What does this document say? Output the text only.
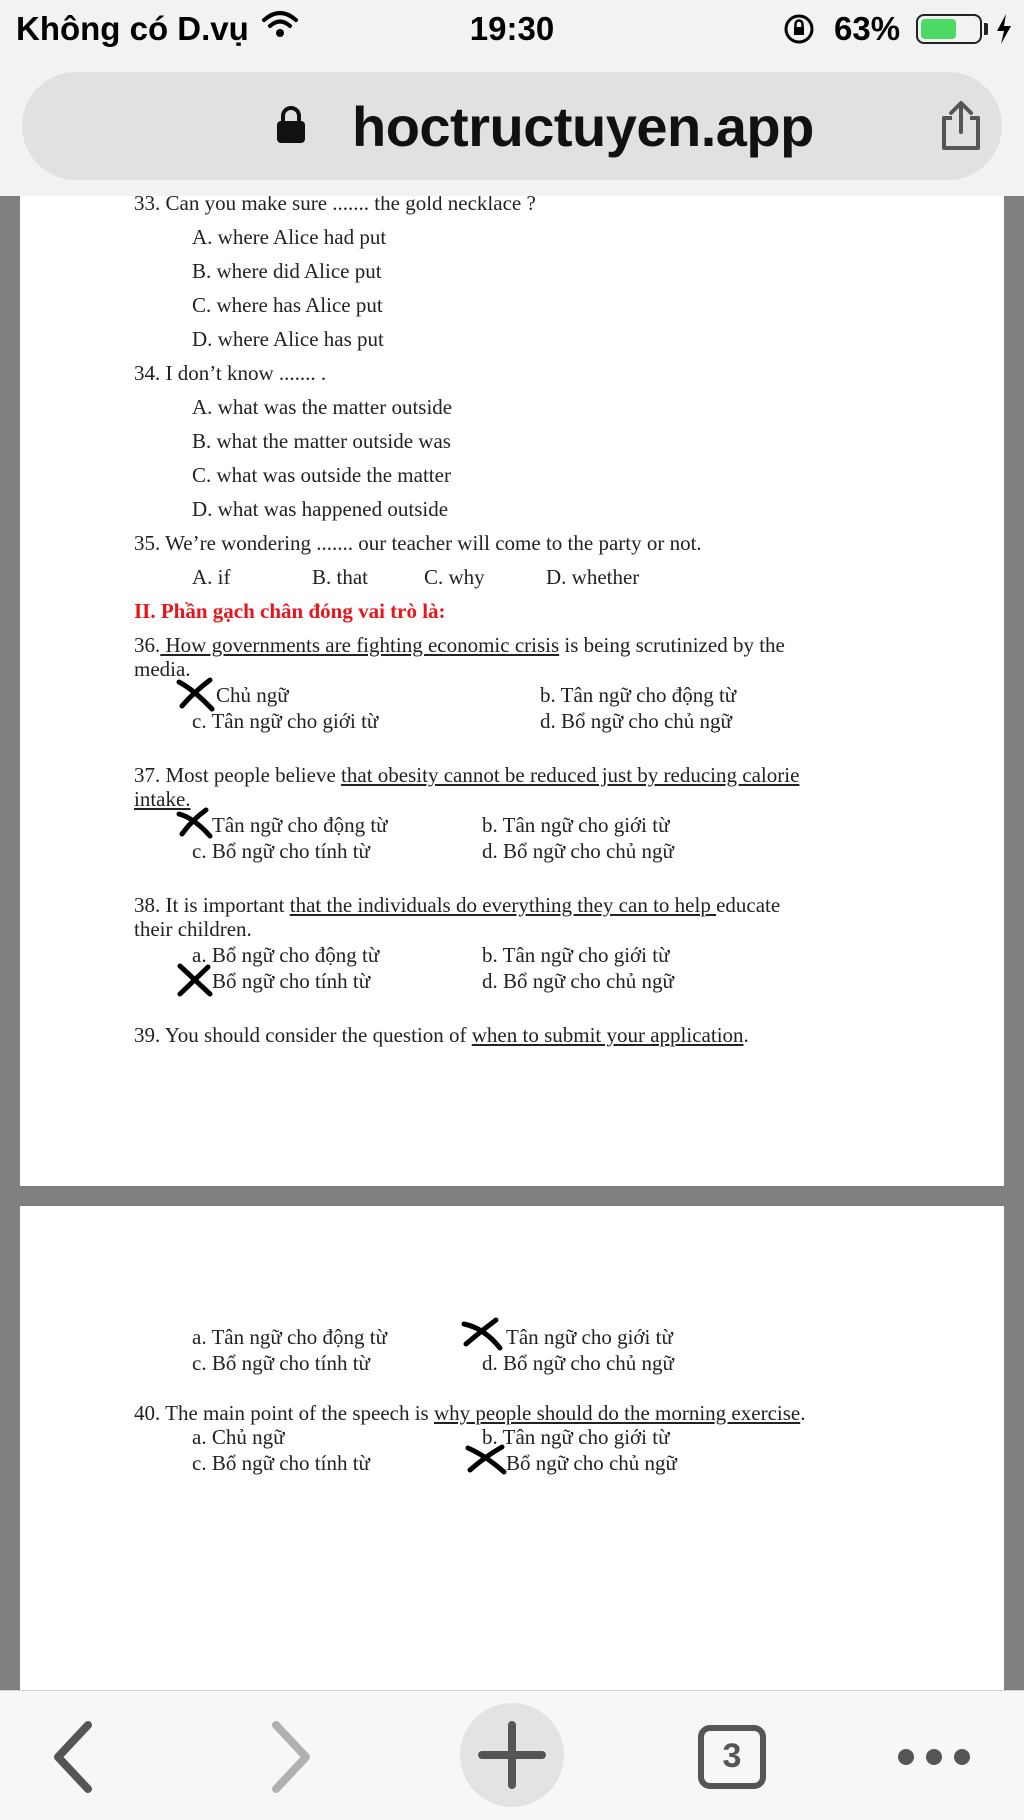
Không có D.vụ	19:30	63%
hoctructuyen.app
33. Can you make sure ....... the gold necklace ?
A. where Alice had put
B. where did Alice put
C. where has Alice put
D. where Alice has put
34. I don’t know ....... .
A. what was the matter outside
B. what the matter outside was
C. what was outside the matter
D. what was happened outside
35. We’re wondering ....... our teacher will come to the party or not.
A. if	B. that	C. why	D. whether
II. Phần gạch chân đóng vai trò là:
36. How governments are fighting economic crisis is being scrutinized by the
media.
Chủ ngữ	b. Tân ngữ cho động từ
c. Tân ngữ cho giới từ	d. Bổ ngữ cho chủ ngữ
37. Most people believe that obesity cannot be reduced just by reducing calorie
intake.
Tân ngữ cho động từ	b. Tân ngữ cho giới từ
c. Bổ ngữ cho tính từ	d. Bổ ngữ cho chủ ngữ
38. It is important that the individuals do everything they can to help educate
their children.
a. Bổ ngữ cho động từ	b. Tân ngữ cho giới từ
Bổ ngữ cho tính từ	d. Bổ ngữ cho chủ ngữ
39. You should consider the question of when to submit your application.
a. Tân ngữ cho động từ	Tân ngữ cho giới từ
c. Bổ ngữ cho tính từ	d. Bổ ngữ cho chủ ngữ
40. The main point of the speech is why people should do the morning exercise.
a. Chủ ngữ	b. Tân ngữ cho giới từ
c. Bổ ngữ cho tính từ	Bổ ngữ cho chủ ngữ
3
